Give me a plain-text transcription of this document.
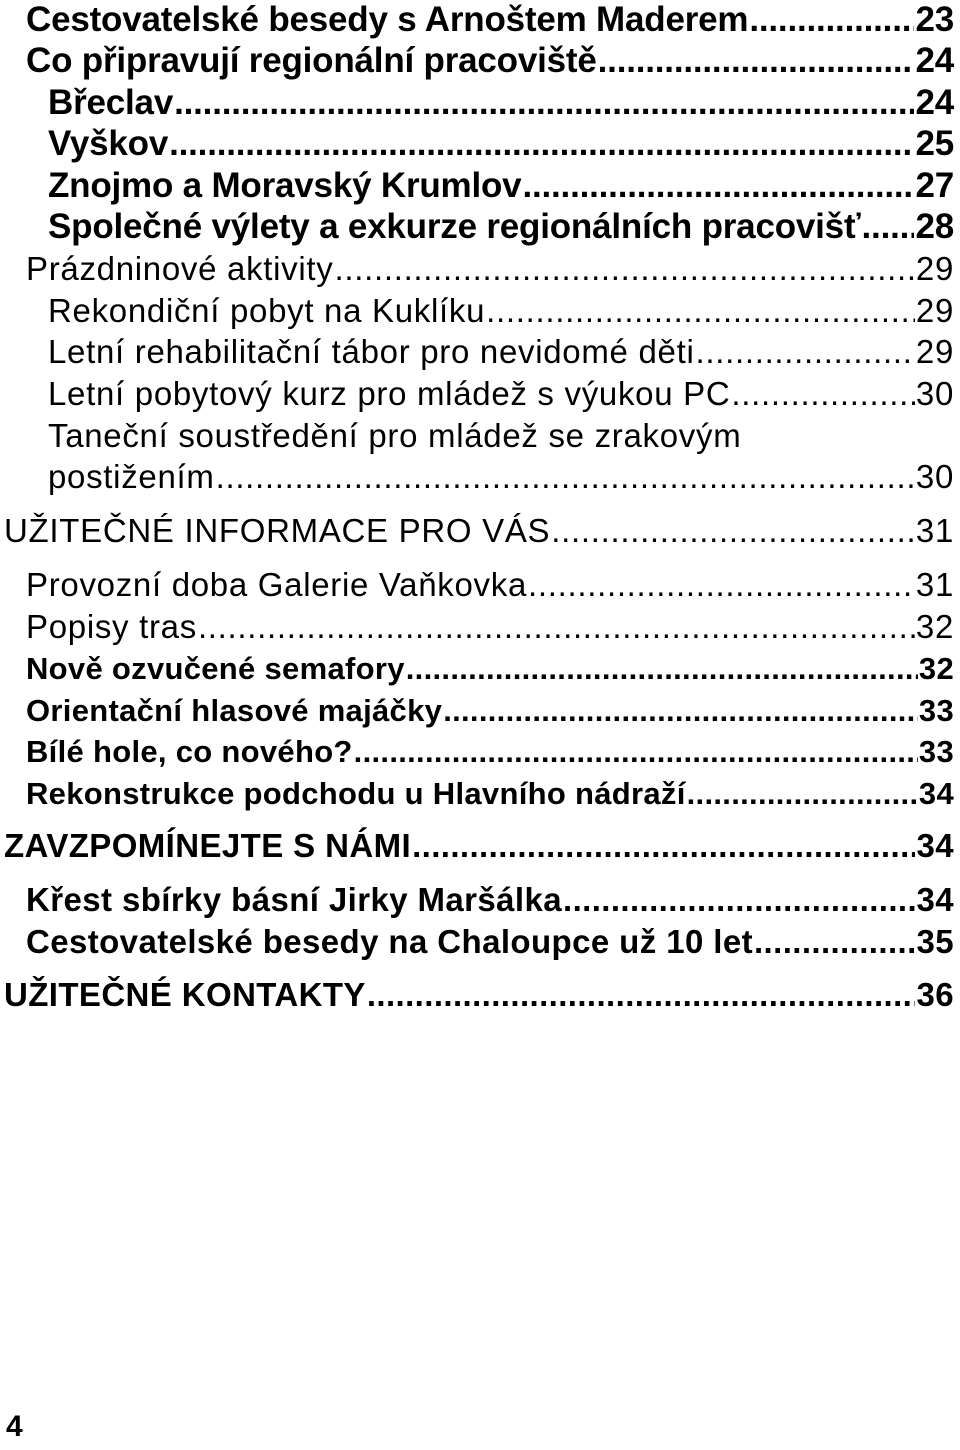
Cestovatelské besedy s Arnoštem Maderem .....	23
Co připravují regionální pracoviště .....	24
Břeclav .....	24
Vyškov .....	25
Znojmo a Moravský Krumlov .....	27
Společné výlety a exkurze regionálních pracovišť ..... 28
Prázdninové aktivity .....	29
Rekondiční pobyt na Kuklíku .....	29
Letní rehabilitační tábor pro nevidomé děti .....	29
Letní pobytový kurz pro mládež s výukou PC .....	30
Taneční soustředění pro mládež se zrakovým
postižením .....	30
UŽITEČNÉ INFORMACE PRO VÁS .....	31
Provozní doba Galerie Vaňkovka .....	31
Popisy tras .....	32
Nově ozvučené semafory .....	32
Orientační hlasové majáčky .....	33
Bílé hole, co nového? .....	33
Rekonstrukce podchodu u Hlavního nádraží .....	34
ZAVZPOMÍNEJTE S NÁMI .....	34
Křest sbírky básní Jirky Maršálka .....	34
Cestovatelské besedy na Chaloupce už 10 let .....	35
UŽITEČNÉ KONTAKTY .....	36
4
